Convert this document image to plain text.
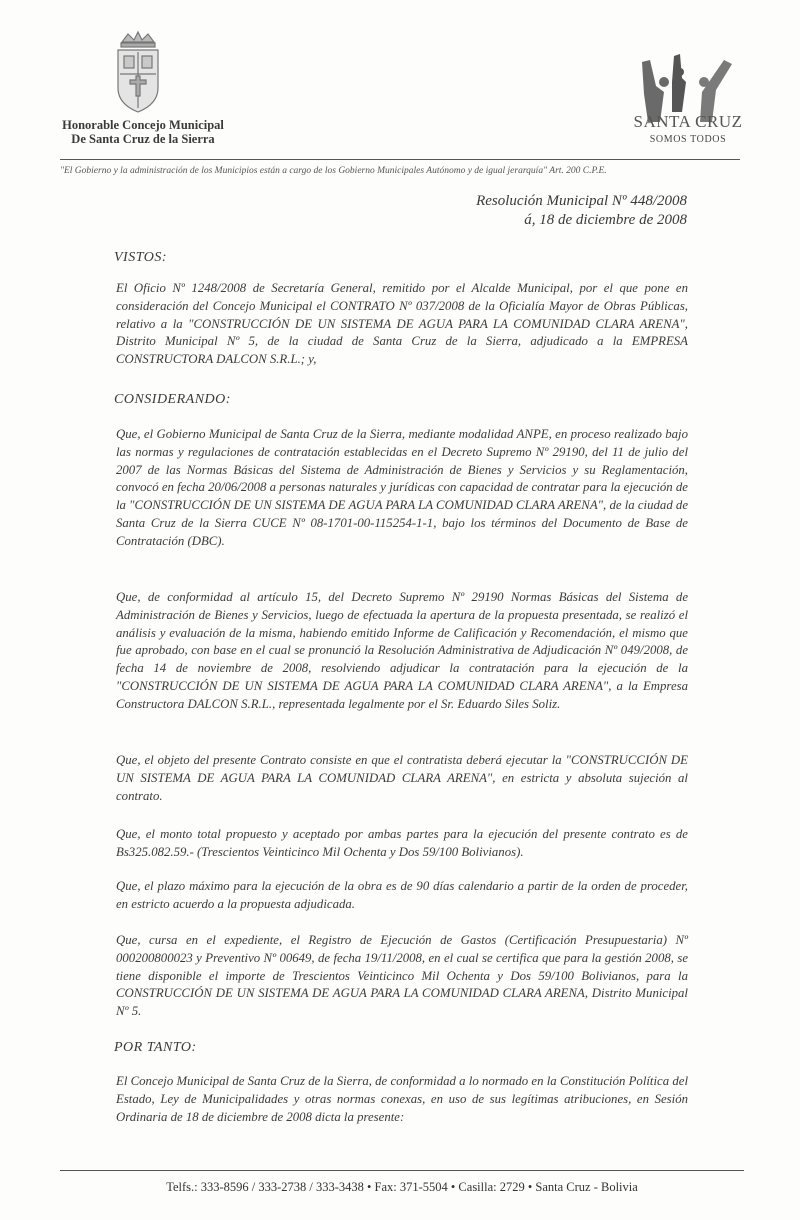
Honorable Concejo Municipal
De Santa Cruz de la Sierra
SANTA CRUZ
SOMOS TODOS
"El Gobierno y la administración de los Municipios están a cargo de los Gobierno Municipales Autónomo y de igual jerarquía" Art. 200 C.P.E.
Resolución Municipal Nº 448/2008
á, 18 de diciembre de 2008
VISTOS:
El Oficio Nº 1248/2008 de Secretaría General, remitido por el Alcalde Municipal, por el que pone en consideración del Concejo Municipal el CONTRATO Nº 037/2008 de la Oficialía Mayor de Obras Públicas, relativo a la "CONSTRUCCIÓN DE UN SISTEMA DE AGUA PARA LA COMUNIDAD CLARA ARENA", Distrito Municipal Nº 5, de la ciudad de Santa Cruz de la Sierra, adjudicado a la EMPRESA CONSTRUCTORA DALCON S.R.L.; y,
CONSIDERANDO:
Que, el Gobierno Municipal de Santa Cruz de la Sierra, mediante modalidad ANPE, en proceso realizado bajo las normas y regulaciones de contratación establecidas en el Decreto Supremo Nº 29190, del 11 de julio del 2007 de las Normas Básicas del Sistema de Administración de Bienes y Servicios y su Reglamentación, convocó en fecha 20/06/2008 a personas naturales y jurídicas con capacidad de contratar para la ejecución de la "CONSTRUCCIÓN DE UN SISTEMA DE AGUA PARA LA COMUNIDAD CLARA ARENA", de la ciudad de Santa Cruz de la Sierra CUCE Nº 08-1701-00-115254-1-1, bajo los términos del Documento de Base de Contratación (DBC).
Que, de conformidad al artículo 15, del Decreto Supremo Nº 29190 Normas Básicas del Sistema de Administración de Bienes y Servicios, luego de efectuada la apertura de la propuesta presentada, se realizó el análisis y evaluación de la misma, habiendo emitido Informe de Calificación y Recomendación, el mismo que fue aprobado, con base en el cual se pronunció la Resolución Administrativa de Adjudicación Nº 049/2008, de fecha 14 de noviembre de 2008, resolviendo adjudicar la contratación para la ejecución de la "CONSTRUCCIÓN DE UN SISTEMA DE AGUA PARA LA COMUNIDAD CLARA ARENA", a la Empresa Constructora DALCON S.R.L., representada legalmente por el Sr. Eduardo Siles Soliz.
Que, el objeto del presente Contrato consiste en que el contratista deberá ejecutar la "CONSTRUCCIÓN DE UN SISTEMA DE AGUA PARA LA COMUNIDAD CLARA ARENA", en estricta y absoluta sujeción al contrato.
Que, el monto total propuesto y aceptado por ambas partes para la ejecución del presente contrato es de Bs325.082.59.- (Trescientos Veinticinco Mil Ochenta y Dos 59/100 Bolivianos).
Que, el plazo máximo para la ejecución de la obra es de 90 días calendario a partir de la orden de proceder, en estricto acuerdo a la propuesta adjudicada.
Que, cursa en el expediente, el Registro de Ejecución de Gastos (Certificación Presupuestaria) Nº 000200800023 y Preventivo Nº 00649, de fecha 19/11/2008, en el cual se certifica que para la gestión 2008, se tiene disponible el importe de Trescientos Veinticinco Mil Ochenta y Dos 59/100 Bolivianos, para la CONSTRUCCIÓN DE UN SISTEMA DE AGUA PARA LA COMUNIDAD CLARA ARENA, Distrito Municipal Nº 5.
POR TANTO:
El Concejo Municipal de Santa Cruz de la Sierra, de conformidad a lo normado en la Constitución Política del Estado, Ley de Municipalidades y otras normas conexas, en uso de sus legítimas atribuciones, en Sesión Ordinaria de 18 de diciembre de 2008 dicta la presente:
Telfs.: 333-8596 / 333-2738 / 333-3438 • Fax: 371-5504 • Casilla: 2729 • Santa Cruz - Bolivia
